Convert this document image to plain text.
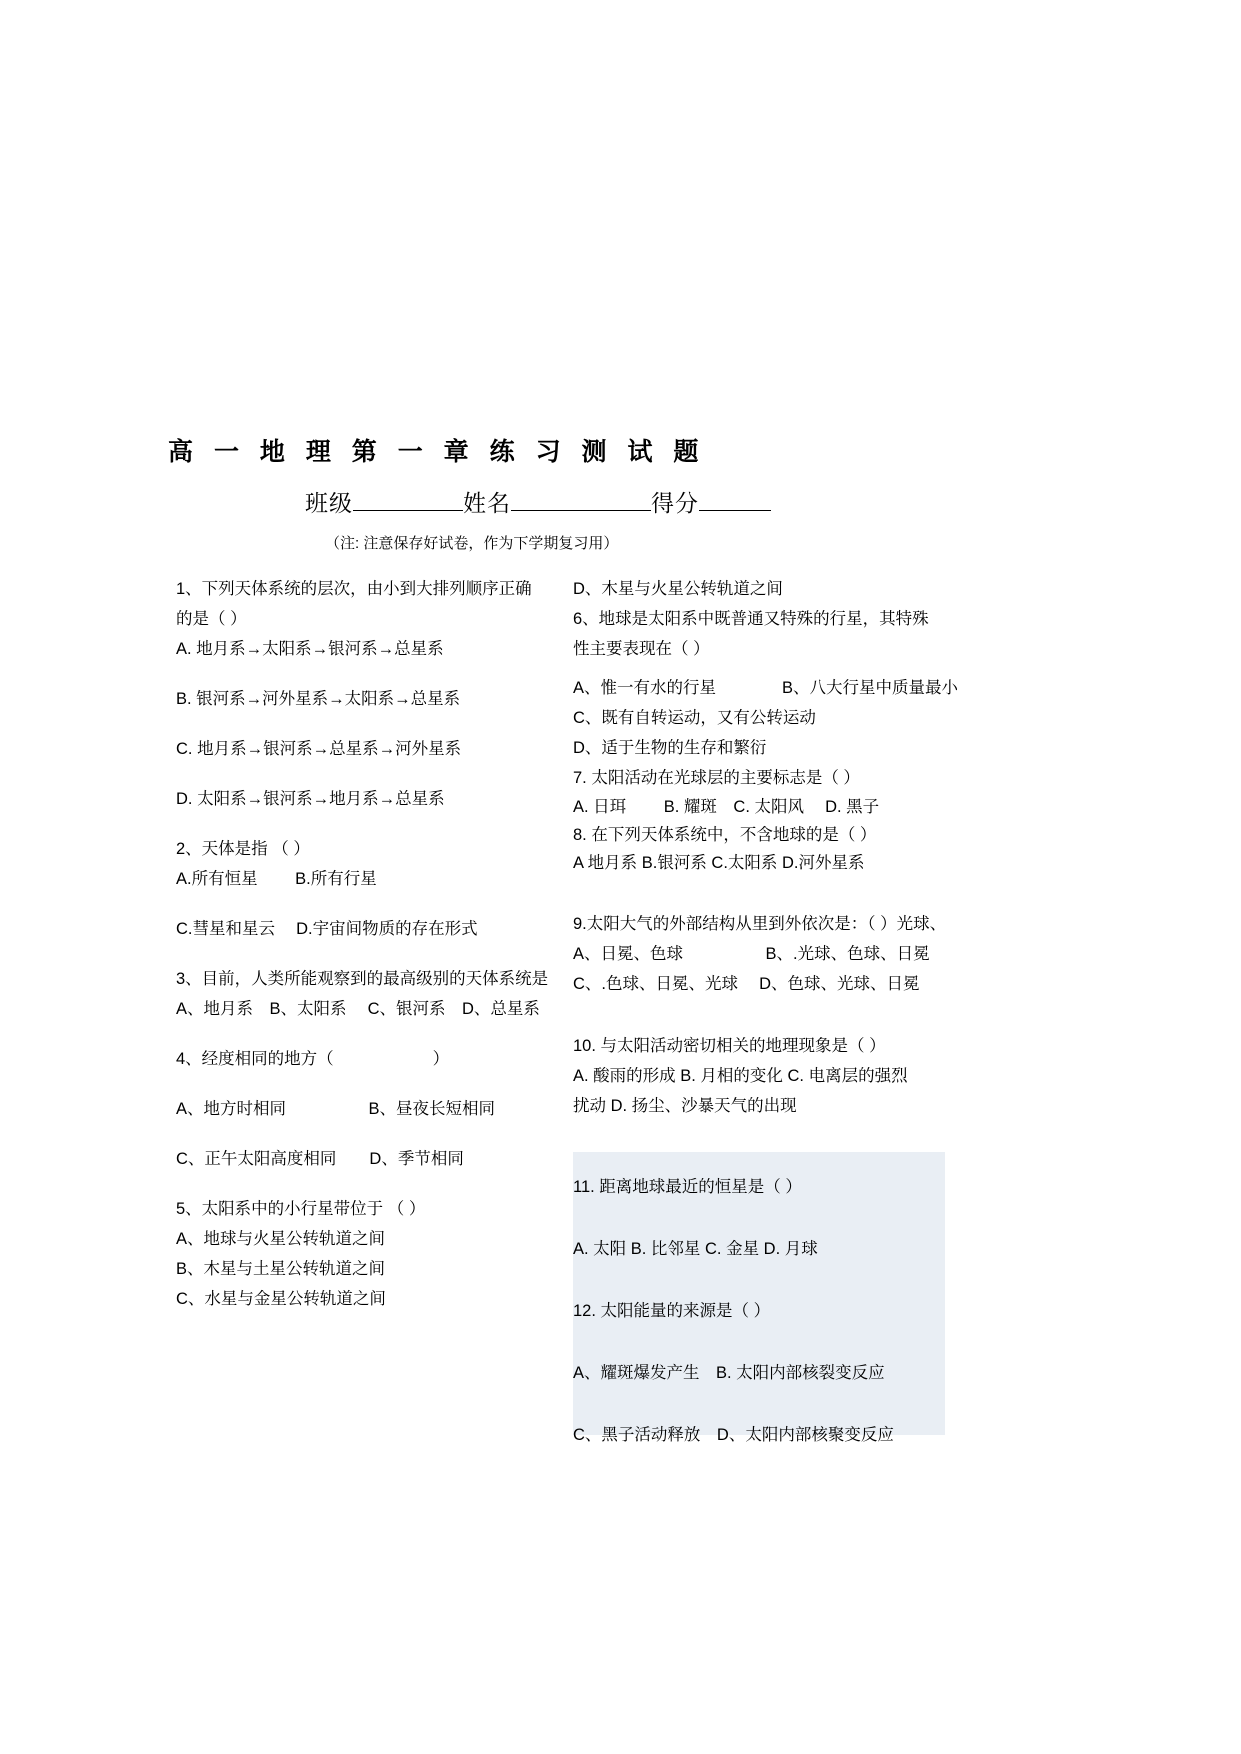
高 一 地 理 第 一 章 练 习 测 试 题
班级	姓名	得分
（注: 注意保存好试卷，作为下学期复习用）
1、下列天体系统的层次，由小到大排列顺序正确
的是（ ）
A. 地月系→太阳系→银河系→总星系
B. 银河系→河外星系→太阳系→总星系
C. 地月系→银河系→总星系→河外星系
D. 太阳系→银河系→地月系→总星系
2、天体是指 （ ）
A.所有恒星　　 B.所有行星
C.彗星和星云　 D.宇宙间物质的存在形式
3、目前，人类所能观察到的最高级别的天体系统是
A、地月系　B、太阳系　 C、银河系　D、总星系
4、经度相同的地方（　　　　　　）
A、地方时相同　　　　　B、昼夜长短相同
C、正午太阳高度相同　　D、季节相同
5、太阳系中的小行星带位于 （ ）
A、地球与火星公转轨道之间
B、木星与土星公转轨道之间
C、水星与金星公转轨道之间
D、木星与火星公转轨道之间
6、地球是太阳系中既普通又特殊的行星，其特殊
性主要表现在（ ）
A、惟一有水的行星　　　　B、八大行星中质量最小
C、既有自转运动，又有公转运动
D、适于生物的生存和繁衍
7. 太阳活动在光球层的主要标志是（ ）
A. 日珥　　 B. 耀斑　C. 太阳风　 D. 黑子
8. 在下列天体系统中，不含地球的是（ ）
A 地月系 B.银河系 C.太阳系 D.河外星系
9.太阳大气的外部结构从里到外依次是：（ ）光球、
A、日冕、色球　　　　　B、.光球、色球、日冕
C、.色球、日冕、光球　 D、色球、光球、日冕
10. 与太阳活动密切相关的地理现象是（ ）
A. 酸雨的形成 B. 月相的变化 C. 电离层的强烈
扰动 D. 扬尘、沙暴天气的出现
11. 距离地球最近的恒星是（ ）
A. 太阳 B. 比邻星 C. 金星 D. 月球
12. 太阳能量的来源是（ ）
A、耀斑爆发产生　B. 太阳内部核裂变反应
C、黑子活动释放　D、太阳内部核聚变反应
